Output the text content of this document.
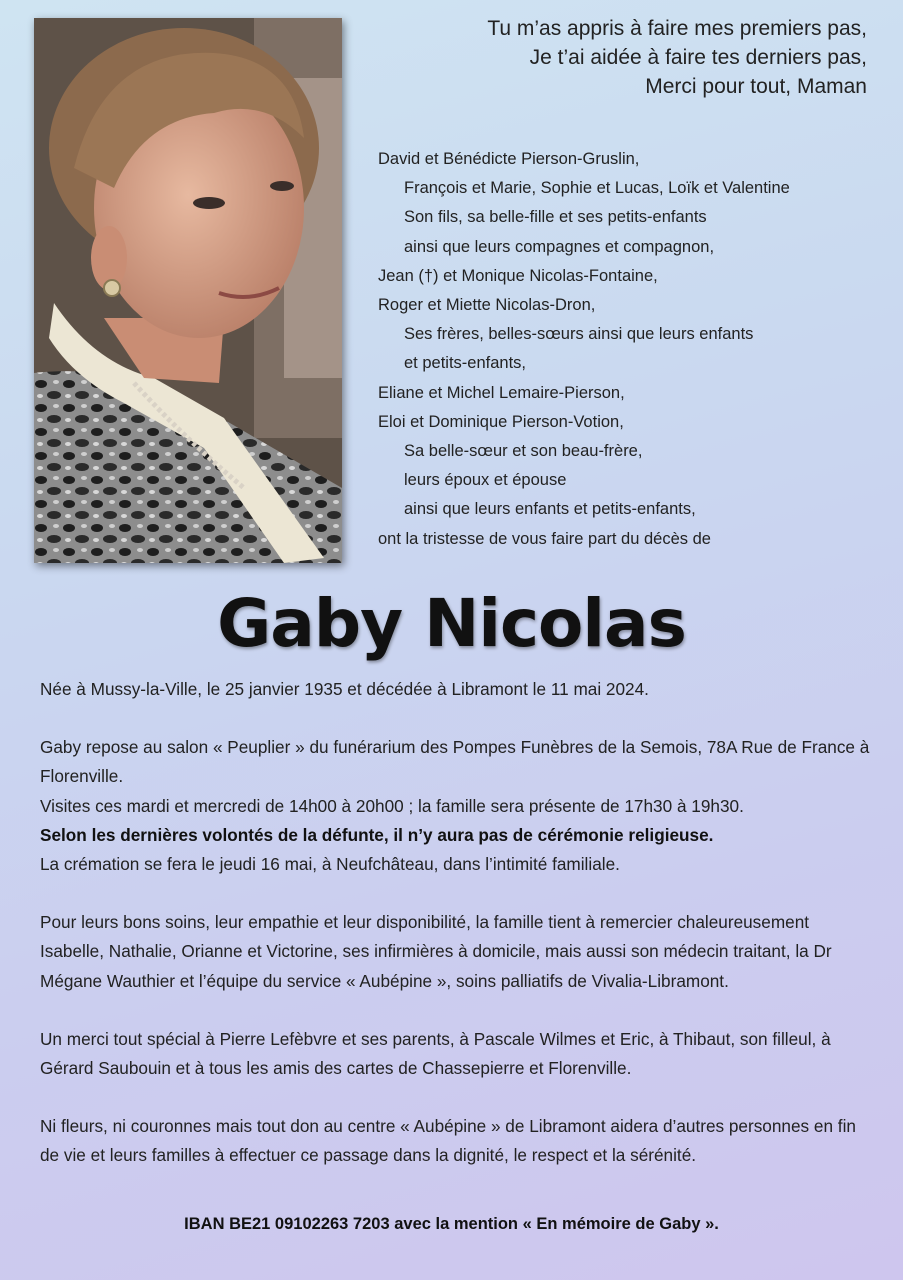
Tu m’as appris à faire mes premiers pas,
Je t’ai aidée à faire tes derniers pas,
Merci pour tout, Maman
David et Bénédicte Pierson-Gruslin,
François et Marie, Sophie et Lucas, Loïk et Valentine
Son fils, sa belle-fille et ses petits-enfants
ainsi que leurs compagnes et compagnon,
Jean (†) et Monique Nicolas-Fontaine,
Roger et Miette Nicolas-Dron,
Ses frères, belles-sœurs ainsi que leurs enfants
et petits-enfants,
Eliane et Michel Lemaire-Pierson,
Eloi et Dominique Pierson-Votion,
Sa belle-sœur et son beau-frère,
leurs époux et épouse
ainsi que leurs enfants et petits-enfants,
ont la tristesse de vous faire part du décès de
Gaby Nicolas

Née à Mussy-la-Ville, le 25 janvier 1935 et décédée à Libramont le 11 mai 2024.

Gaby repose au salon « Peuplier » du funérarium des Pompes Funèbres de la Semois, 78A Rue de France à Florenville.
Visites ces mardi et mercredi de 14h00 à 20h00 ; la famille sera présente de 17h30 à 19h30.
Selon les dernières volontés de la défunte, il n’y aura pas de cérémonie religieuse.
La crémation se fera le jeudi 16 mai, à Neufchâteau, dans l’intimité familiale.

Pour leurs bons soins, leur empathie et leur disponibilité, la famille tient à remercier chaleureusement Isabelle, Nathalie, Orianne et Victorine, ses infirmières à domicile, mais aussi son médecin traitant, la Dr Mégane Wauthier et l’équipe du service « Aubépine », soins palliatifs de Vivalia-Libramont.

Un merci tout spécial à Pierre Lefèbvre et ses parents, à Pascale Wilmes et Eric, à Thibaut, son filleul, à Gérard Saubouin et à tous les amis des cartes de Chassepierre et Florenville.

Ni fleurs, ni couronnes mais tout don au centre « Aubépine » de Libramont aidera d’autres personnes en fin de vie et leurs familles à effectuer ce passage dans la dignité, le respect et la sérénité.

IBAN BE21 09102263 7203 avec la mention « En mémoire de Gaby ».
